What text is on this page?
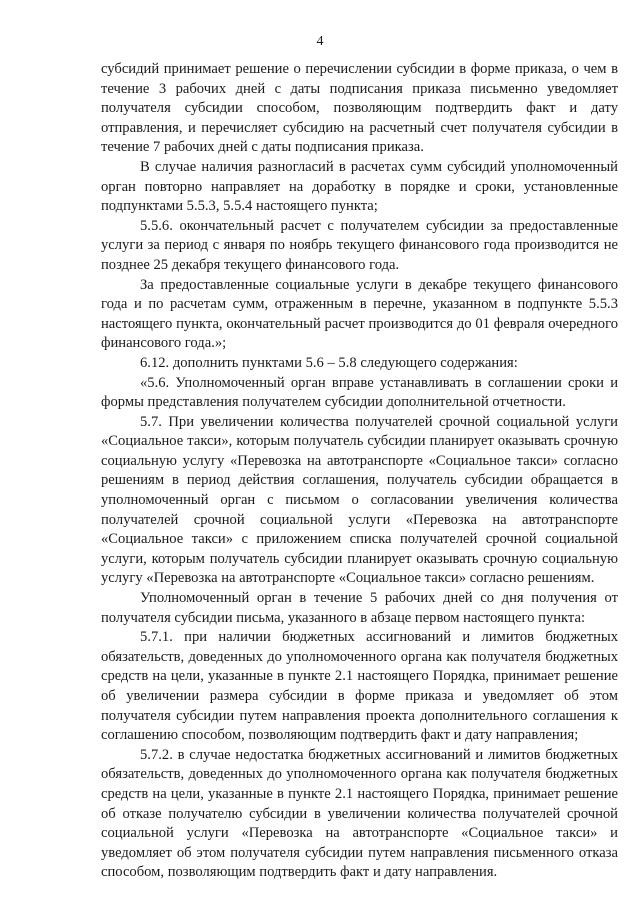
4

субсидий принимает решение о перечислении субсидии в форме приказа, о чем в течение 3 рабочих дней с даты подписания приказа письменно уведомляет получателя субсидии способом, позволяющим подтвердить факт и дату отправления, и перечисляет субсидию на расчетный счет получателя субсидии в течение 7 рабочих дней с даты подписания приказа.

В случае наличия разногласий в расчетах сумм субсидий уполномоченный орган повторно направляет на доработку в порядке и сроки, установленные подпунктами 5.5.3, 5.5.4 настоящего пункта;

5.5.6. окончательный расчет с получателем субсидии за предоставленные услуги за период с января по ноябрь текущего финансового года производится не позднее 25 декабря текущего финансового года.

За предоставленные социальные услуги в декабре текущего финансового года и по расчетам сумм, отраженным в перечне, указанном в подпункте 5.5.3 настоящего пункта, окончательный расчет производится до 01 февраля очередного финансового года.»;

6.12. дополнить пунктами 5.6 – 5.8 следующего содержания:

«5.6. Уполномоченный орган вправе устанавливать в соглашении сроки и формы представления получателем субсидии дополнительной отчетности.

5.7. При увеличении количества получателей срочной социальной услуги «Социальное такси», которым получатель субсидии планирует оказывать срочную социальную услугу «Перевозка на автотранспорте «Социальное такси» согласно решениям в период действия соглашения, получатель субсидии обращается в уполномоченный орган с письмом о согласовании увеличения количества получателей срочной социальной услуги «Перевозка на автотранспорте «Социальное такси» с приложением списка получателей срочной социальной услуги, которым получатель субсидии планирует оказывать срочную социальную услугу «Перевозка на автотранспорте «Социальное такси» согласно решениям.

Уполномоченный орган в течение 5 рабочих дней со дня получения от получателя субсидии письма, указанного в абзаце первом настоящего пункта:

5.7.1. при наличии бюджетных ассигнований и лимитов бюджетных обязательств, доведенных до уполномоченного органа как получателя бюджетных средств на цели, указанные в пункте 2.1 настоящего Порядка, принимает решение об увеличении размера субсидии в форме приказа и уведомляет об этом получателя субсидии путем направления проекта дополнительного соглашения к соглашению способом, позволяющим подтвердить факт и дату направления;

5.7.2. в случае недостатка бюджетных ассигнований и лимитов бюджетных обязательств, доведенных до уполномоченного органа как получателя бюджетных средств на цели, указанные в пункте 2.1 настоящего Порядка, принимает решение об отказе получателю субсидии в увеличении количества получателей срочной социальной услуги «Перевозка на автотранспорте «Социальное такси» и уведомляет об этом получателя субсидии путем направления письменного отказа способом, позволяющим подтвердить факт и дату направления.
